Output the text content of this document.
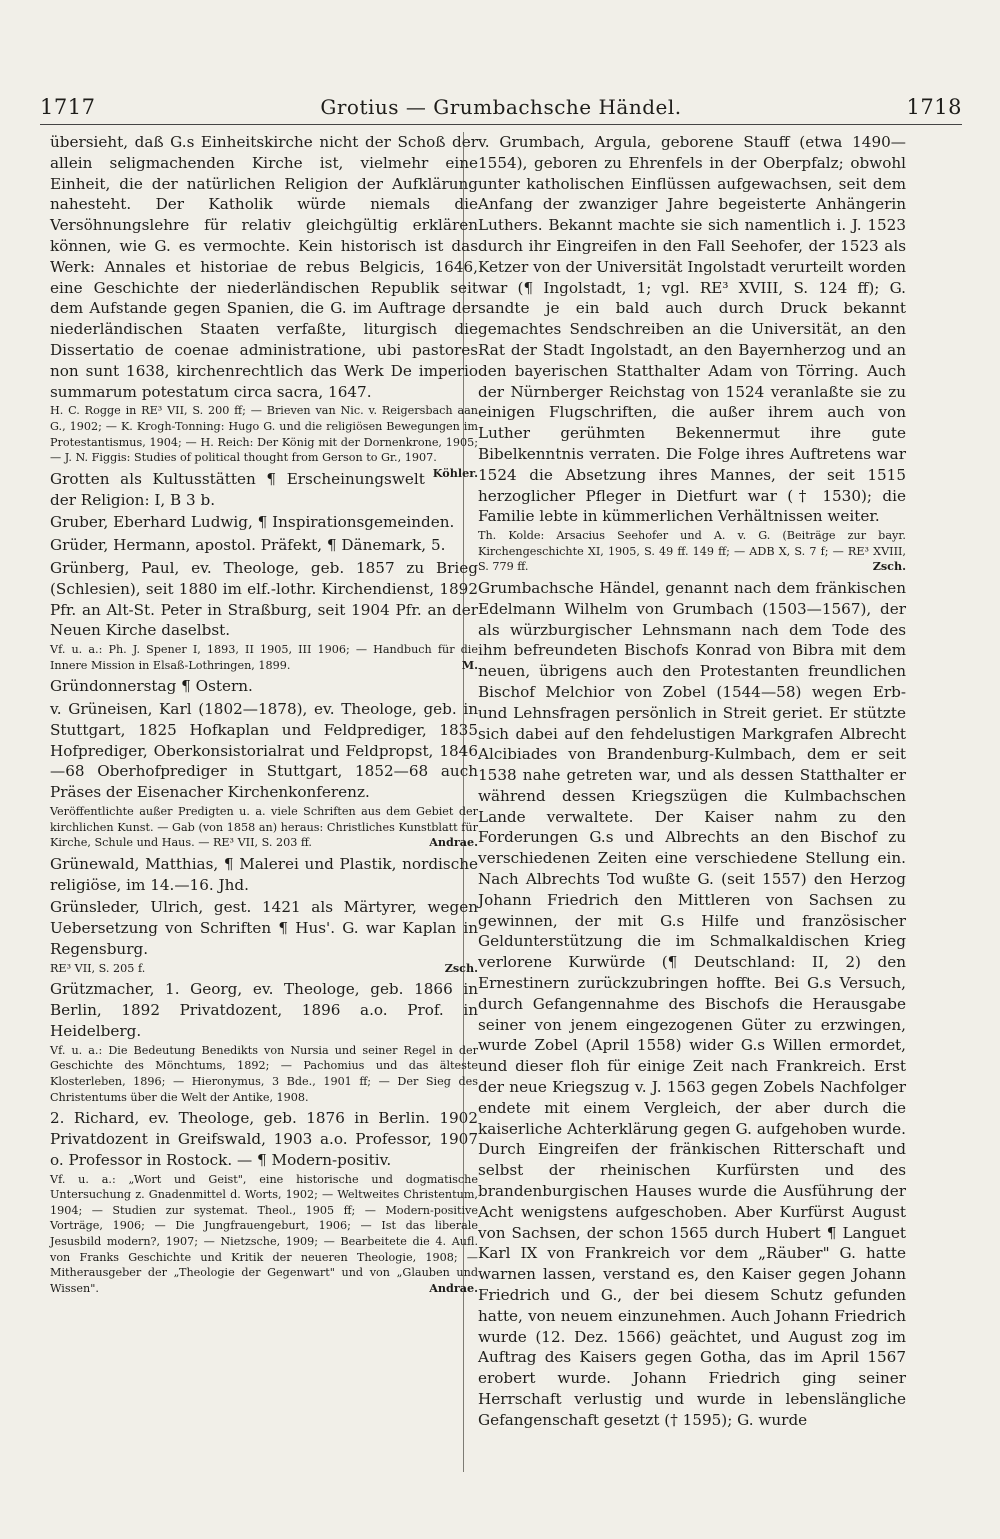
1717	Grotius — Grumbachsche Händel.	1718

übersieht, daß G.s Einheitskirche nicht der Schoß der allein seligmachenden Kirche ist, vielmehr eine Einheit, die der natürlichen Religion der Aufklärung nahesteht. Der Katholik würde niemals die Versöhnungslehre für relativ gleichgültig erklären können, wie G. es vermochte. Kein historisch ist das Werk: Annales et historiae de rebus Belgicis, 1646, eine Geschichte der niederländischen Republik seit dem Aufstande gegen Spanien, die G. im Auftrage der niederländischen Staaten verfaßte, liturgisch die Dissertatio de coenae administratione, ubi pastores non sunt 1638, kirchenrechtlich das Werk De imperio summarum potestatum circa sacra, 1647.

H. C. Rogge in RE³ VII, S. 200 ff; — Brieven van Nic. v. Reigersbach aan G., 1902; — K. Krogh-Tonning: Hugo G. und die religiösen Bewegungen im Protestantismus, 1904; — H. Reich: Der König mit der Dornenkrone, 1905; — J. N. Figgis: Studies of political thought from Gerson to Gr., 1907.
Köhler.

Grotten als Kultusstätten ¶ Erscheinungswelt der Religion: I, B 3 b.

Gruber, Eberhard Ludwig, ¶ Inspirationsgemeinden.

Grüder, Hermann, apostol. Präfekt, ¶ Dänemark, 5.

Grünberg, Paul, ev. Theologe, geb. 1857 zu Brieg (Schlesien), seit 1880 im elf.-lothr. Kirchendienst, 1892 Pfr. an Alt-St. Peter in Straßburg, seit 1904 Pfr. an der Neuen Kirche daselbst.

Vf. u. a.: Ph. J. Spener I, 1893, II 1905, III 1906; — Handbuch für die Innere Mission in Elsaß-Lothringen, 1899.	M.

Gründonnerstag ¶ Ostern.

v. Grüneisen, Karl (1802—1878), ev. Theologe, geb. in Stuttgart, 1825 Hofkaplan und Feldprediger, 1835 Hofprediger, Oberkonsistorialrat und Feldpropst, 1846—68 Oberhofprediger in Stuttgart, 1852—68 auch Präses der Eisenacher Kirchenkonferenz.

Veröffentlichte außer Predigten u. a. viele Schriften aus dem Gebiet der kirchlichen Kunst. — Gab (von 1858 an) heraus: Christliches Kunstblatt für Kirche, Schule und Haus. — RE³ VII, S. 203 ff.	Andrae.

Grünewald, Matthias, ¶ Malerei und Plastik, nordische religiöse, im 14.—16. Jhd.

Grünsleder, Ulrich, gest. 1421 als Märtyrer, wegen Uebersetzung von Schriften ¶ Hus'. G. war Kaplan in Regensburg.

RE³ VII, S. 205 f.	Zsch.

Grützmacher, 1. Georg, ev. Theologe, geb. 1866 in Berlin, 1892 Privatdozent, 1896 a.o. Prof. in Heidelberg.

Vf. u. a.: Die Bedeutung Benedikts von Nursia und seiner Regel in der Geschichte des Mönchtums, 1892; — Pachomius und das älteste Klosterleben, 1896; — Hieronymus, 3 Bde., 1901 ff; — Der Sieg des Christentums über die Welt der Antike, 1908.

2. Richard, ev. Theologe, geb. 1876 in Berlin. 1902 Privatdozent in Greifswald, 1903 a.o. Professor, 1907 o. Professor in Rostock. — ¶ Modern-positiv.

Vf. u. a.: „Wort und Geist", eine historische und dogmatische Untersuchung z. Gnadenmittel d. Worts, 1902; — Weltweites Christentum, 1904; — Studien zur systemat. Theol., 1905 ff; — Modern-positive Vorträge, 1906; — Die Jungfrauengeburt, 1906; — Ist das liberale Jesusbild modern?, 1907; — Nietzsche, 1909; — Bearbeitete die 4. Aufl. von Franks Geschichte und Kritik der neueren Theologie, 1908; — Mitherausgeber der „Theologie der Gegenwart" und von „Glauben und Wissen".	Andrae.

v. Grumbach, Argula, geborene Stauff (etwa 1490—1554), geboren zu Ehrenfels in der Oberpfalz; obwohl unter katholischen Einflüssen aufgewachsen, seit dem Anfang der zwanziger Jahre begeisterte Anhängerin Luthers. Bekannt machte sie sich namentlich i. J. 1523 durch ihr Eingreifen in den Fall Seehofer, der 1523 als Ketzer von der Universität Ingolstadt verurteilt worden war (¶ Ingolstadt, 1; vgl. RE³ XVIII, S. 124 ff); G. sandte je ein bald auch durch Druck bekannt gemachtes Sendschreiben an die Universität, an den Rat der Stadt Ingolstadt, an den Bayernherzog und an den bayerischen Statthalter Adam von Törring. Auch der Nürnberger Reichstag von 1524 veranlaßte sie zu einigen Flugschriften, die außer ihrem auch von Luther gerühmten Bekennermut ihre gute Bibelkenntnis verraten. Die Folge ihres Auftretens war 1524 die Absetzung ihres Mannes, der seit 1515 herzoglicher Pfleger in Dietfurt war († 1530); die Familie lebte in kümmerlichen Verhältnissen weiter.

Th. Kolde: Arsacius Seehofer und A. v. G. (Beiträge zur bayr. Kirchengeschichte XI, 1905, S. 49 ff. 149 ff; — ADB X, S. 7 f; — RE³ XVIII, S. 779 ff.	Zsch.

Grumbachsche Händel, genannt nach dem fränkischen Edelmann Wilhelm von Grumbach (1503—1567), der als würzburgischer Lehnsmann nach dem Tode des ihm befreundeten Bischofs Konrad von Bibra mit dem neuen, übrigens auch den Protestanten freundlichen Bischof Melchior von Zobel (1544—58) wegen Erb- und Lehnsfragen persönlich in Streit geriet. Er stützte sich dabei auf den fehdelustigen Markgrafen Albrecht Alcibiades von Brandenburg-Kulmbach, dem er seit 1538 nahe getreten war, und als dessen Statthalter er während dessen Kriegszügen die Kulmbachschen Lande verwaltete. Der Kaiser nahm zu den Forderungen G.s und Albrechts an den Bischof zu verschiedenen Zeiten eine verschiedene Stellung ein. Nach Albrechts Tod wußte G. (seit 1557) den Herzog Johann Friedrich den Mittleren von Sachsen zu gewinnen, der mit G.s Hilfe und französischer Geldunterstützung die im Schmalkaldischen Krieg verlorene Kurwürde (¶ Deutschland: II, 2) den Ernestinern zurückzubringen hoffte. Bei G.s Versuch, durch Gefangennahme des Bischofs die Herausgabe seiner von jenem eingezogenen Güter zu erzwingen, wurde Zobel (April 1558) wider G.s Willen ermordet, und dieser floh für einige Zeit nach Frankreich. Erst der neue Kriegszug v. J. 1563 gegen Zobels Nachfolger endete mit einem Vergleich, der aber durch die kaiserliche Achterklärung gegen G. aufgehoben wurde. Durch Eingreifen der fränkischen Ritterschaft und selbst der rheinischen Kurfürsten und des brandenburgischen Hauses wurde die Ausführung der Acht wenigstens aufgeschoben. Aber Kurfürst August von Sachsen, der schon 1565 durch Hubert ¶ Languet Karl IX von Frankreich vor dem „Räuber" G. hatte warnen lassen, verstand es, den Kaiser gegen Johann Friedrich und G., der bei diesem Schutz gefunden hatte, von neuem einzunehmen. Auch Johann Friedrich wurde (12. Dez. 1566) geächtet, und August zog im Auftrag des Kaisers gegen Gotha, das im April 1567 erobert wurde. Johann Friedrich ging seiner Herrschaft verlustig und wurde in lebenslängliche Gefangenschaft gesetzt († 1595); G. wurde
